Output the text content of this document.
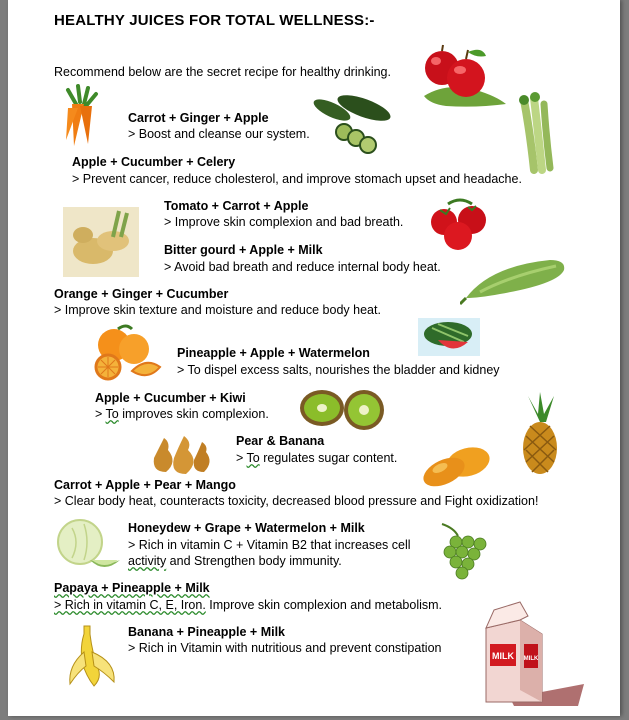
HEALTHY JUICES FOR TOTAL WELLNESS:-
Recommend below are the secret recipe for healthy drinking.
Carrot + Ginger + Apple
> Boost and cleanse our system.
Apple + Cucumber + Celery
> Prevent cancer, reduce cholesterol, and improve stomach upset and headache.
Tomato + Carrot + Apple
> Improve skin complexion and bad breath.
Bitter gourd + Apple + Milk
> Avoid bad breath and reduce internal body heat.
Orange + Ginger + Cucumber
> Improve skin texture and moisture and reduce body heat.
Pineapple + Apple + Watermelon
> To dispel excess salts, nourishes the bladder and kidney
Apple + Cucumber + Kiwi
> To improves skin complexion.
Pear & Banana
> To regulates sugar content.
Carrot + Apple + Pear + Mango
> Clear body heat, counteracts toxicity, decreased blood pressure and Fight oxidization!
Honeydew + Grape + Watermelon + Milk
> Rich in vitamin C + Vitamin B2 that increases cell
activity and Strengthen body immunity.
Papaya + Pineapple + Milk
> Rich in vitamin C, E, Iron. Improve skin complexion and metabolism.
Banana + Pineapple + Milk
> Rich in Vitamin with nutritious and prevent constipation
MILK MILK
